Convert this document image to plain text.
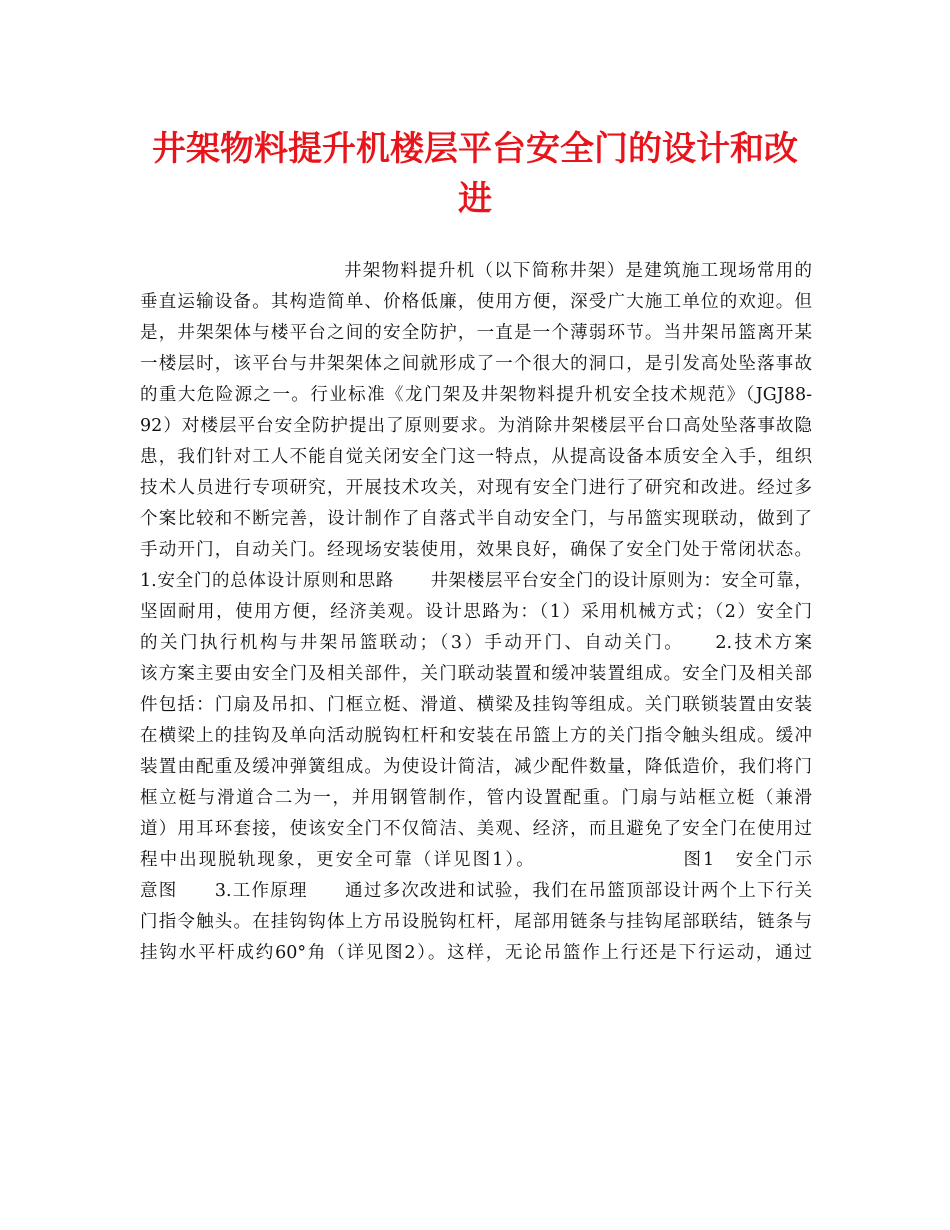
井架物料提升机楼层平台安全门的设计和改进
井架物料提升机（以下简称井架）是建筑施工现场常用的
垂直运输设备。其构造简单、价格低廉，使用方便，深受广大施工单位的欢迎。但
是，井架架体与楼平台之间的安全防护，一直是一个薄弱环节。当井架吊篮离开某
一楼层时，该平台与井架架体之间就形成了一个很大的洞口，是引发高处坠落事故
的重大危险源之一。行业标准《龙门架及井架物料提升机安全技术规范》（JGJ88-
92）对楼层平台安全防护提出了原则要求。为消除井架楼层平台口高处坠落事故隐
患，我们针对工人不能自觉关闭安全门这一特点，从提高设备本质安全入手，组织
技术人员进行专项研究，开展技术攻关，对现有安全门进行了研究和改进。经过多
个案比较和不断完善，设计制作了自落式半自动安全门，与吊篮实现联动，做到了
手动开门，自动关门。经现场安装使用，效果良好，确保了安全门处于常闭状态。
1.安全门的总体设计原则和思路　　井架楼层平台安全门的设计原则为：安全可靠，
坚固耐用，使用方便，经济美观。设计思路为：（1）采用机械方式；（2）安全门
的关门执行机构与井架吊篮联动；（3）手动开门、自动关门。　　2.技术方案
该方案主要由安全门及相关部件，关门联动装置和缓冲装置组成。安全门及相关部
件包括：门扇及吊扣、门框立梃、滑道、横梁及挂钩等组成。关门联锁装置由安装
在横梁上的挂钩及单向活动脱钩杠杆和安装在吊篮上方的关门指令触头组成。缓冲
装置由配重及缓冲弹簧组成。为使设计简洁，减少配件数量，降低造价，我们将门
框立梃与滑道合二为一，并用钢管制作，管内设置配重。门扇与站框立梃（兼滑
道）用耳环套接，使该安全门不仅简洁、美观、经济，而且避免了安全门在使用过
程中出现脱轨现象，更安全可靠（详见图1）。　　　　　　　　图1　安全门示
意图　　3.工作原理　　通过多次改进和试验，我们在吊篮顶部设计两个上下行关
门指令触头。在挂钩钩体上方吊设脱钩杠杆，尾部用链条与挂钩尾部联结，链条与
挂钩水平杆成约60°角（详见图2）。这样，无论吊篮作上行还是下行运动，通过
